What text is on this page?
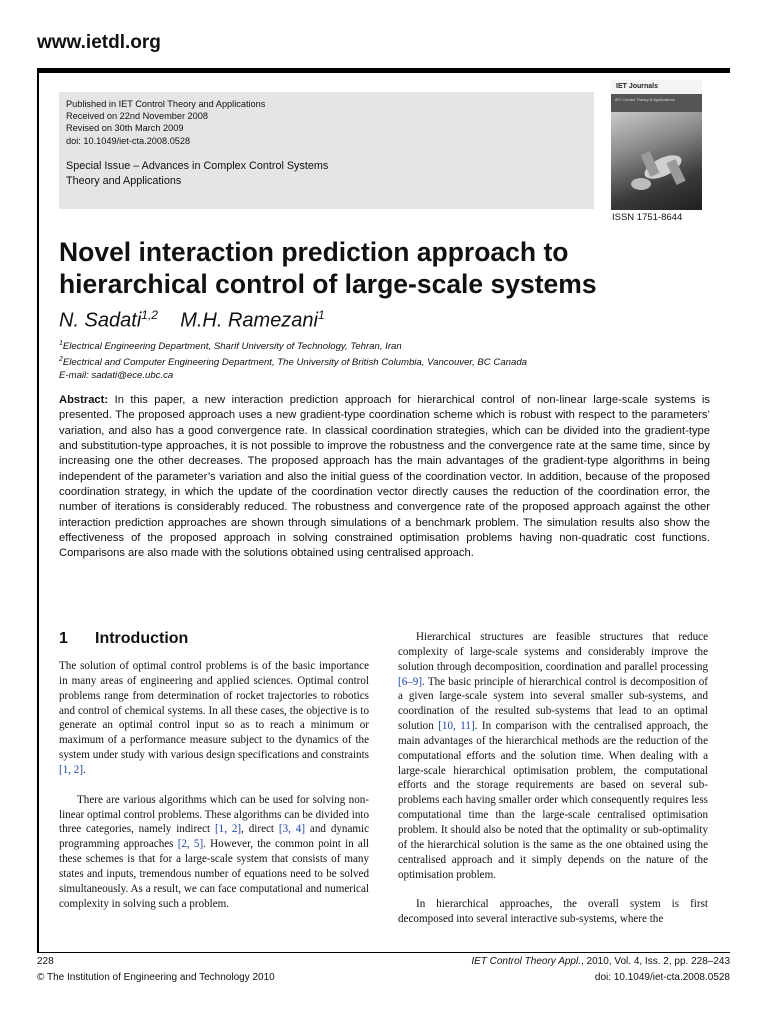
www.ietdl.org
Published in IET Control Theory and Applications
Received on 22nd November 2008
Revised on 30th March 2009
doi: 10.1049/iet-cta.2008.0528
Special Issue – Advances in Complex Control Systems
Theory and Applications
IET Journals
IET Control Theory & Applications
ISSN 1751-8644
Novel interaction prediction approach to
hierarchical control of large-scale systems
N. Sadati$^{1,2}$ M.H. Ramezani$^1$
$^1$Electrical Engineering Department, Sharif University of Technology, Tehran, Iran
$^2$Electrical and Computer Engineering Department, The University of British Columbia, Vancouver, BC Canada
E-mail: sadati@ece.ubc.ca
Abstract: In this paper, a new interaction prediction approach for hierarchical control of non-linear large-scale systems is presented. The proposed approach uses a new gradient-type coordination scheme which is robust with respect to the parameters’ variation, and also has a good convergence rate. In classical coordination strategies, which can be divided into the gradient-type and substitution-type approaches, it is not possible to improve the robustness and the convergence rate at the same time, since by increasing one the other decreases. The proposed approach has the main advantages of the gradient-type algorithms in being independent of the parameter’s variation and also the initial guess of the coordination vector. In addition, because of the proposed coordination strategy, in which the update of the coordination vector directly causes the reduction of the coordination error, the number of iterations is considerably reduced. The robustness and convergence rate of the proposed approach against the other interaction prediction approaches are shown through simulations of a benchmark problem. The simulation results also show the effectiveness of the proposed approach in solving constrained optimisation problems having non-quadratic cost functions. Comparisons are also made with the solutions obtained using centralised approach.
1 Introduction

The solution of optimal control problems is of the basic importance in many areas of engineering and applied sciences. Optimal control problems range from determination of rocket trajectories to robotics and control of chemical systems. In all these cases, the objective is to generate an optimal control input so as to reach a minimum or maximum of a performance measure subject to the dynamics of the system under study with various design specifications and constraints [1, 2].

There are various algorithms which can be used for solving non-linear optimal control problems. These algorithms can be divided into three categories, namely indirect [1, 2], direct [3, 4] and dynamic programming approaches [2, 5]. However, the common point in all these schemes is that for a large-scale system that consists of many states and inputs, tremendous number of equations need to be solved simultaneously. As a result, we can face computational and numerical complexity in solving such a problem.

Hierarchical structures are feasible structures that reduce complexity of large-scale systems and considerably improve the solution through decomposition, coordination and parallel processing [6–9]. The basic principle of hierarchical control is decomposition of a given large-scale system into several smaller sub-systems, and coordination of the resulted sub-systems that lead to an optimal solution [10, 11]. In comparison with the centralised approach, the main advantages of the hierarchical methods are the reduction of the computational efforts and the solution time. When dealing with a large-scale hierarchical optimisation problem, the computational efforts and the storage requirements are based on several sub-problems each having smaller order which consequently requires less computational time than the large-scale centralised optimisation problem. It should also be noted that the optimality or sub-optimality of the hierarchical solution is the same as the one obtained using the centralised approach and it simply depends on the nature of the optimisation problem.

In hierarchical approaches, the overall system is first decomposed into several interactive sub-systems, where the

228
© The Institution of Engineering and Technology 2010
IET Control Theory Appl., 2010, Vol. 4, Iss. 2, pp. 228–243
doi: 10.1049/iet-cta.2008.0528
